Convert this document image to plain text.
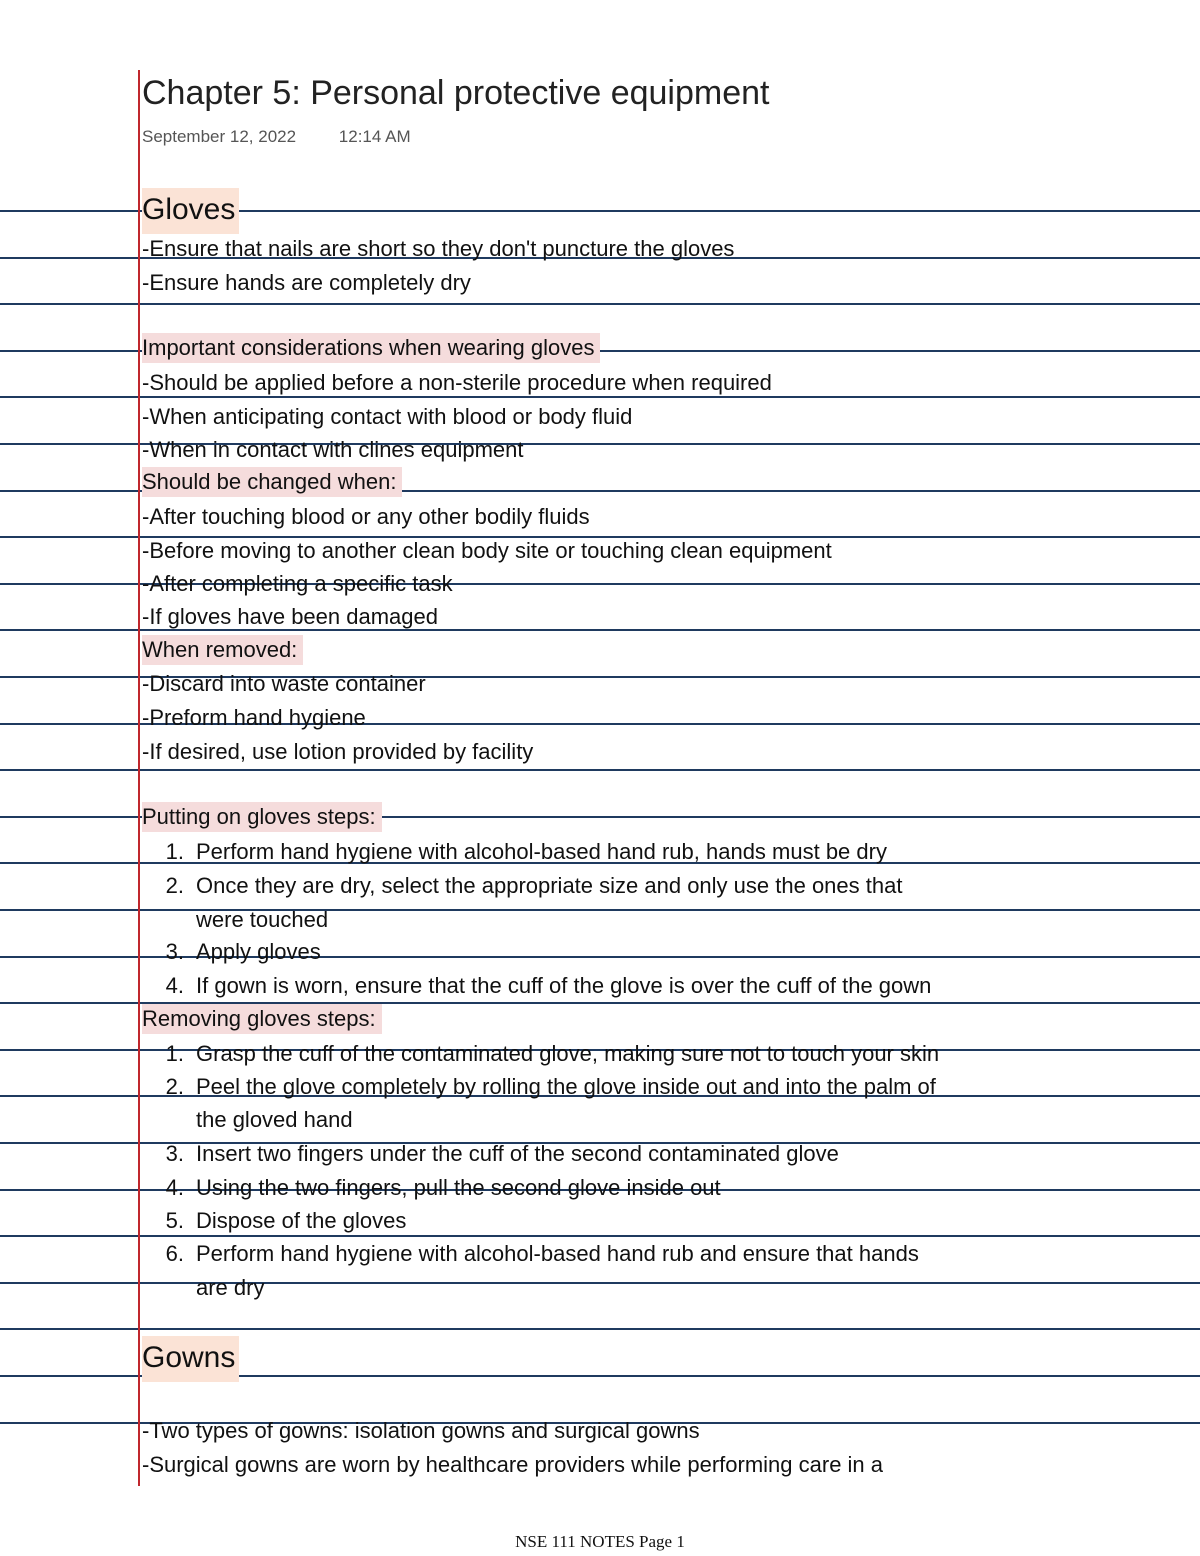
Chapter 5: Personal protective equipment
September 12, 2022	12:14 AM
Gloves
-Ensure that nails are short so they don't puncture the gloves
-Ensure hands are completely dry
Important considerations when wearing gloves
-Should be applied before a non-sterile procedure when required
-When anticipating contact with blood or body fluid
-When in contact with clines equipment
Should be changed when:
-After touching blood or any other bodily fluids
-Before moving to another clean body site or touching clean equipment
-After completing a specific task
-If gloves have been damaged
When removed:
-Discard into waste container
-Preform hand hygiene
-If desired, use lotion provided by facility
Putting on gloves steps:
1. Perform hand hygiene with alcohol-based hand rub, hands must be dry
2. Once they are dry, select the appropriate size and only use the ones that
were touched
3. Apply gloves
4. If gown is worn, ensure that the cuff of the glove is over the cuff of the gown
Removing gloves steps:
1. Grasp the cuff of the contaminated glove, making sure not to touch your skin
2. Peel the glove completely by rolling the glove inside out and into the palm of
the gloved hand
3. Insert two fingers under the cuff of the second contaminated glove
4. Using the two fingers, pull the second glove inside out
5. Dispose of the gloves
6. Perform hand hygiene with alcohol-based hand rub and ensure that hands
are dry
Gowns
-Two types of gowns: isolation gowns and surgical gowns
-Surgical gowns are worn by healthcare providers while performing care in a
NSE 111 NOTES Page 1
